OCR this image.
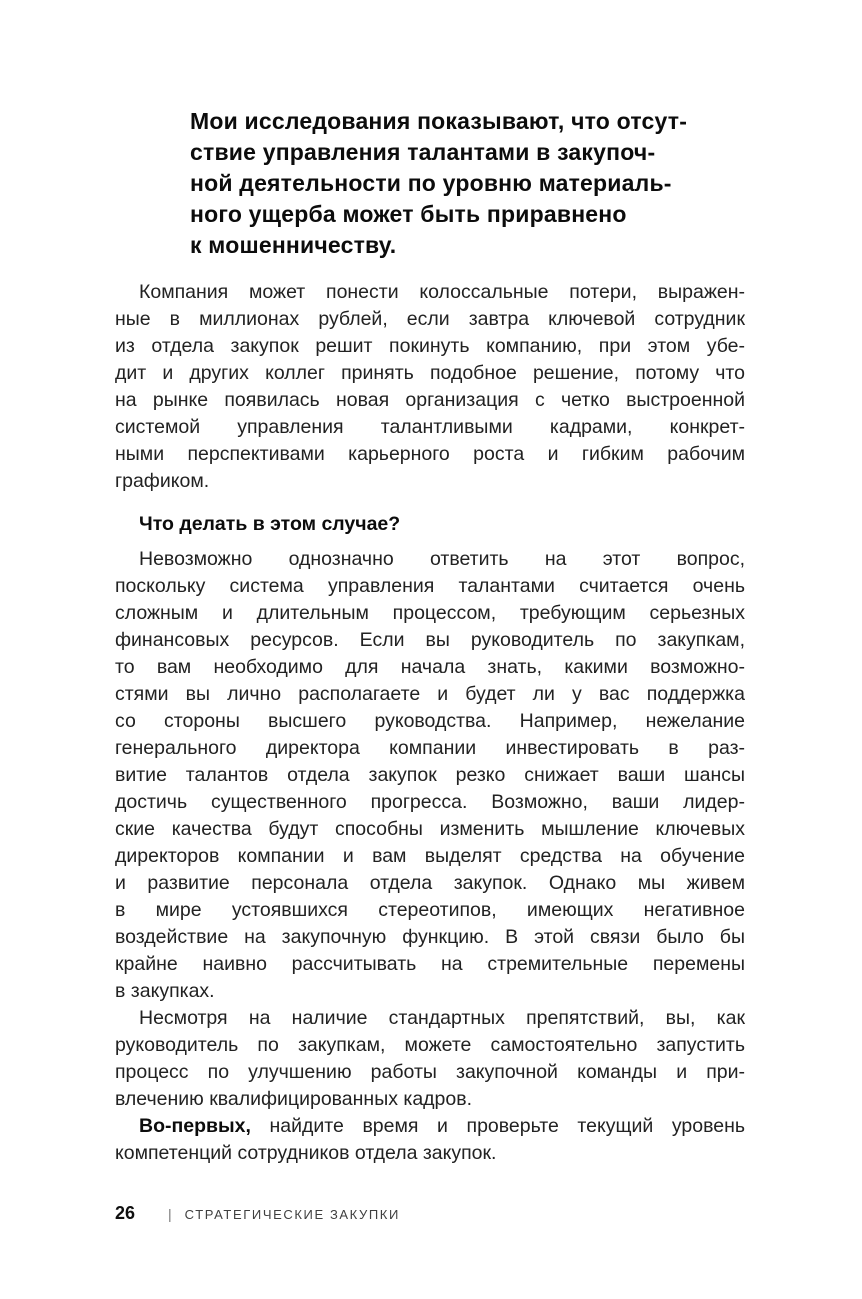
Мои исследования показывают, что отсут-
ствие управления талантами в закупоч-
ной деятельности по уровню материаль-
ного ущерба может быть приравнено
к мошенничеству.
Компания может понести колоссальные потери, выражен-
ные в миллионах рублей, если завтра ключевой сотрудник
из отдела закупок решит покинуть компанию, при этом убе-
дит и других коллег принять подобное решение, потому что
на рынке появилась новая организация с четко выстроенной
системой управления талантливыми кадрами, конкрет-
ными перспективами карьерного роста и гибким рабочим
графиком.
Что делать в этом случае?
Невозможно однозначно ответить на этот вопрос,
поскольку система управления талантами считается очень
сложным и длительным процессом, требующим серьезных
финансовых ресурсов. Если вы руководитель по закупкам,
то вам необходимо для начала знать, какими возможно-
стями вы лично располагаете и будет ли у вас поддержка
со стороны высшего руководства. Например, нежелание
генерального директора компании инвестировать в раз-
витие талантов отдела закупок резко снижает ваши шансы
достичь существенного прогресса. Возможно, ваши лидер-
ские качества будут способны изменить мышление ключевых
директоров компании и вам выделят средства на обучение
и развитие персонала отдела закупок. Однако мы живем
в мире устоявшихся стереотипов, имеющих негативное
воздействие на закупочную функцию. В этой связи было бы
крайне наивно рассчитывать на стремительные перемены
в закупках.
Несмотря на наличие стандартных препятствий, вы, как
руководитель по закупкам, можете самостоятельно запустить
процесс по улучшению работы закупочной команды и при-
влечению квалифицированных кадров.
Во-первых, найдите время и проверьте текущий уровень
компетенций сотрудников отдела закупок.
26 | СТРАТЕГИЧЕСКИЕ ЗАКУПКИ
